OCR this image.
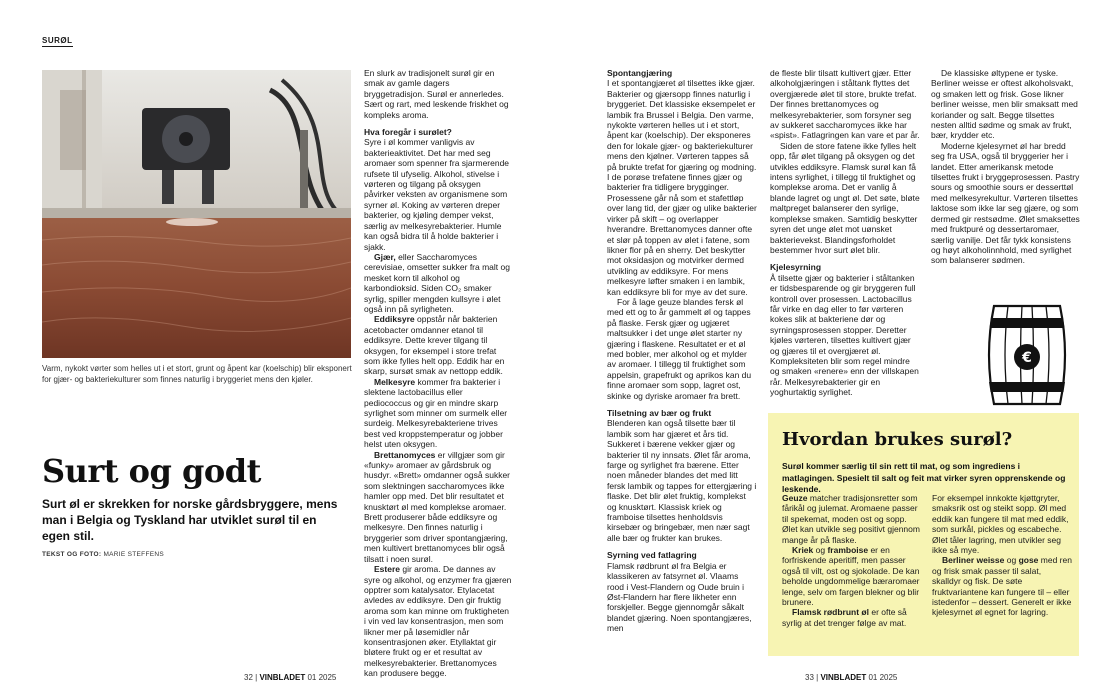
SURØL
Varm, nykokt vørter som helles ut i et stort, grunt og åpent kar (koelschip) blir eksponert for gjær- og bakteriekulturer som finnes naturlig i bryggeriet mens den kjøler.
Surt og godt

Surt øl er skrekken for norske gårdsbryggere, mens man i Belgia og Tyskland har utviklet surøl til en egen stil.

TEKST OG FOTO: MARIE STEFFENS

En slurk av tradisjonelt surøl gir en smak av gamle dagers bryggetradisjon. Surøl er annerledes. Sært og rart, med leskende friskhet og kompleks aroma.

Hva foregår i surølet?

Syre i øl kommer vanligvis av bakterieaktivitet. Det har med seg aromaer som spenner fra sjarmerende rufsete til ufyselig. Alkohol, stivelse i vørteren og tilgang på oksygen påvirker veksten av organismene som syrner øl. Koking av vørteren dreper bakterier, og kjøling demper vekst, særlig av melkesyrebakterier. Humle kan også bidra til å holde bakterier i sjakk.

Gjær, eller Saccharomyces cerevisiae, omsetter sukker fra malt og mesket korn til alkohol og karbondioksid. Siden CO₂ smaker syrlig, spiller mengden kullsyre i ølet også inn på syrligheten.

Eddiksyre oppstår når bakterien acetobacter omdanner etanol til eddiksyre. Dette krever tilgang til oksygen, for eksempel i store trefat som ikke fylles helt opp. Eddik har en skarp, sursøt smak av nettopp eddik.

Melkesyre kommer fra bakterier i slektene lactobacillus eller pediococcus og gir en mindre skarp syrlighet som minner om surmelk eller surdeig. Melkesyrebakteriene trives best ved kroppstemperatur og jobber helst uten oksygen.

Brettanomyces er villgjær som gir «funky» aromaer av gårdsbruk og husdyr. «Brett» omdanner også sukker som slektningen saccharomyces ikke hamler opp med. Det blir resultatet et knusktørt øl med komplekse aromaer. Brett produserer både eddiksyre og melkesyre. Den finnes naturlig i bryggerier som driver spontangjæring, men kultivert brettanomyces blir også tilsatt i noen surøl.

Estere gir aroma. De dannes av syre og alkohol, og enzymer fra gjæren opptrer som katalysator. Etylacetat avledes av eddiksyre. Den gir fruktig aroma som kan minne om fruktigheten i vin ved lav konsentrasjon, men som likner mer på løsemidler når konsentrasjonen øker. Etyllaktat gir bløtere frukt og er et resultat av melkesyrebakterier. Brettanomyces kan produsere begge.

Spontangjæring

I et spontangjæret øl tilsettes ikke gjær. Bakterier og gjærsopp finnes naturlig i bryggeriet. Det klassiske eksempelet er lambik fra Brussel i Belgia. Den varme, nykokte vørteren helles ut i et stort, åpent kar (koelschip). Der eksponeres den for lokale gjær- og bakteriekulturer mens den kjølner. Vørteren tappes så på brukte trefat for gjæring og modning. I de porøse trefatene finnes gjær og bakterier fra tidligere brygginger. Prosessene går nå som et stafettløp over lang tid, der gjær og ulike bakterier virker på skift – og overlapper hverandre. Brettanomyces danner ofte et slør på toppen av ølet i fatene, som likner flor på en sherry. Det beskytter mot oksidasjon og motvirker dermed utvikling av eddiksyre. For mens melkesyre løfter smaken i en lambik, kan eddiksyre bli for mye av det sure.

For å lage geuze blandes fersk øl med ett og to år gammelt øl og tappes på flaske. Fersk gjær og ugjæret maltsukker i det unge ølet starter ny gjæring i flaskene. Resultatet er et øl med bobler, mer alkohol og et mylder av aromaer. I tillegg til fruktighet som appelsin, grapefrukt og aprikos kan du finne aromaer som sopp, lagret ost, skinke og dyriske aromaer fra brett.

Tilsetning av bær og frukt

Blenderen kan også tilsette bær til lambik som har gjæret et års tid. Sukkeret i bærene vekker gjær og bakterier til ny innsats. Ølet får aroma, farge og syrlighet fra bærene. Etter noen måneder blandes det med litt fersk lambik og tappes for ettergjæring i flaske. Det blir ølet fruktig, komplekst og knusktørt. Klassisk kriek og framboise tilsettes henholdsvis kirsebær og bringebær, men nær sagt alle bær og frukter kan brukes.

Syrning ved fatlagring

Flamsk rødbrunt øl fra Belgia er klassikeren av fatsyrnet øl. Vlaams rood i Vest-Flandern og Oude bruin i Øst-Flandern har flere likheter enn forskjeller. Begge gjennomgår såkalt blandet gjæring. Noen spontangjæres, men

de fleste blir tilsatt kultivert gjær. Etter alkoholgjæringen i ståltank flyttes det overgjærede ølet til store, brukte trefat. Der finnes brettanomyces og melkesyrebakterier, som forsyner seg av sukkeret saccharomyces ikke har «spist». Fatlagringen kan vare et par år.

Siden de store fatene ikke fylles helt opp, får ølet tilgang på oksygen og det utvikles eddiksyre. Flamsk surøl kan få intens syrlighet, i tillegg til fruktighet og komplekse aroma. Det er vanlig å blande lagret og ungt øl. Det søte, bløte maltpreget balanserer den syrlige, komplekse smaken. Samtidig beskytter syren det unge ølet mot uønsket bakterievekst. Blandingsforholdet bestemmer hvor surt ølet blir.

Kjelesyrning

Å tilsette gjær og bakterier i ståltanken er tidsbesparende og gir bryggeren full kontroll over prosessen. Lactobacillus får virke en dag eller to før vørteren kokes slik at bakteriene dør og syrningsprosessen stopper. Deretter kjøles vørteren, tilsettes kultivert gjær og gjæres til et overgjæret øl. Kompleksiteten blir som regel mindre og smaken «renere» enn der villskapen rår. Melkesyrebakterier gir en yoghurtaktig syrlighet.

De klassiske øltypene er tyske. Berliner weisse er oftest alkoholsvakt, og smaken lett og frisk. Gose likner berliner weisse, men blir smaksatt med koriander og salt. Begge tilsettes nesten alltid sødme og smak av frukt, bær, krydder etc.

Moderne kjelesyrnet øl har bredd seg fra USA, også til bryggerier her i landet. Etter amerikansk metode tilsettes frukt i bryggeprosessen. Pastry sours og smoothie sours er desserttøl med melkesyrekultur. Vørteren tilsettes laktose som ikke lar seg gjære, og som dermed gir restsødme. Ølet smaksettes med fruktpuré og dessertaromaer, særlig vanilje. Det får tykk konsistens og høyt alkoholinnhold, med syrlighet som balanserer sødmen.

€
Hvordan brukes surøl?

Surøl kommer særlig til sin rett til mat, og som ingrediens i matlagingen. Spesielt til salt og feit mat virker syren opprenskende og leskende.

Geuze matcher tradisjonsretter som fårikål og julemat. Aromaene passer til spekemat, moden ost og sopp. Ølet kan utvikle seg positivt gjennom mange år på flaske.

Kriek og framboise er en forfriskende aperitiff, men passer også til vilt, ost og sjokolade. De kan beholde ungdommelige bæraromaer lenge, selv om fargen blekner og blir brunere.

Flamsk rødbrunt øl er ofte så syrlig at det trenger følge av mat.

For eksempel innkokte kjøttgryter, smaksrik ost og steikt sopp. Øl med eddik kan fungere til mat med eddik, som surkål, pickles og escabeche. Ølet tåler lagring, men utvikler seg ikke så mye.

Berliner weisse og gose med ren og frisk smak passer til salat, skalldyr og fisk. De søte fruktvariantene kan fungere til – eller istedenfor – dessert. Generelt er ikke kjelesyrnet øl egnet for lagring.

32 | VINBLADET 01 2025	33 | VINBLADET 01 2025
